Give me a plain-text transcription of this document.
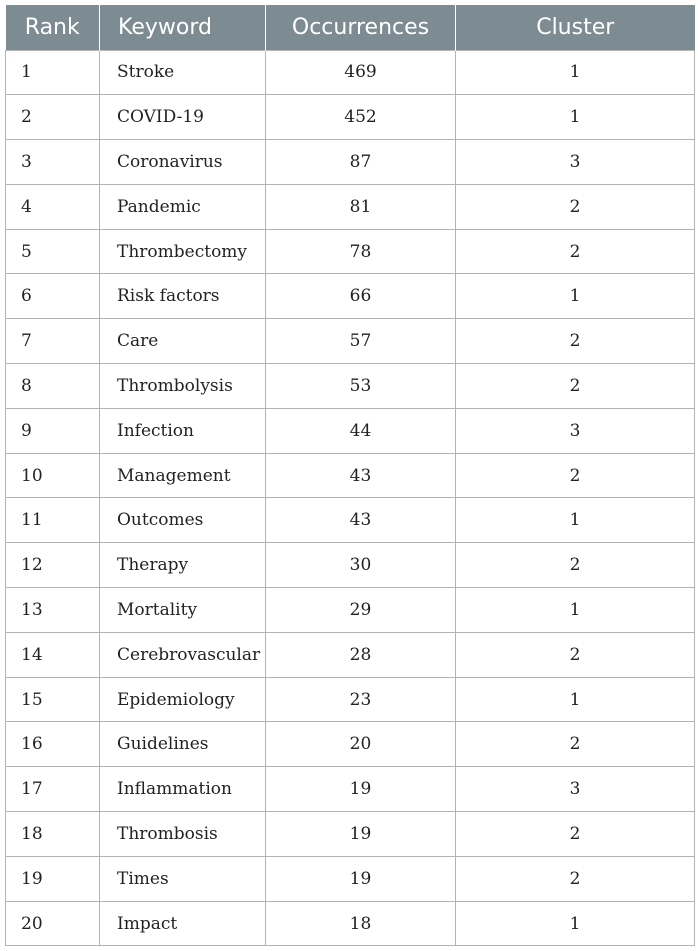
Rank	Keyword	Occurrences	Cluster
1	Stroke	469	1
2	COVID-19	452	1
3	Coronavirus	87	3
4	Pandemic	81	2
5	Thrombectomy	78	2
6	Risk factors	66	1
7	Care	57	2
8	Thrombolysis	53	2
9	Infection	44	3
10	Management	43	2
11	Outcomes	43	1
12	Therapy	30	2
13	Mortality	29	1
14	Cerebrovascular	28	2
15	Epidemiology	23	1
16	Guidelines	20	2
17	Inflammation	19	3
18	Thrombosis	19	2
19	Times	19	2
20	Impact	18	1
